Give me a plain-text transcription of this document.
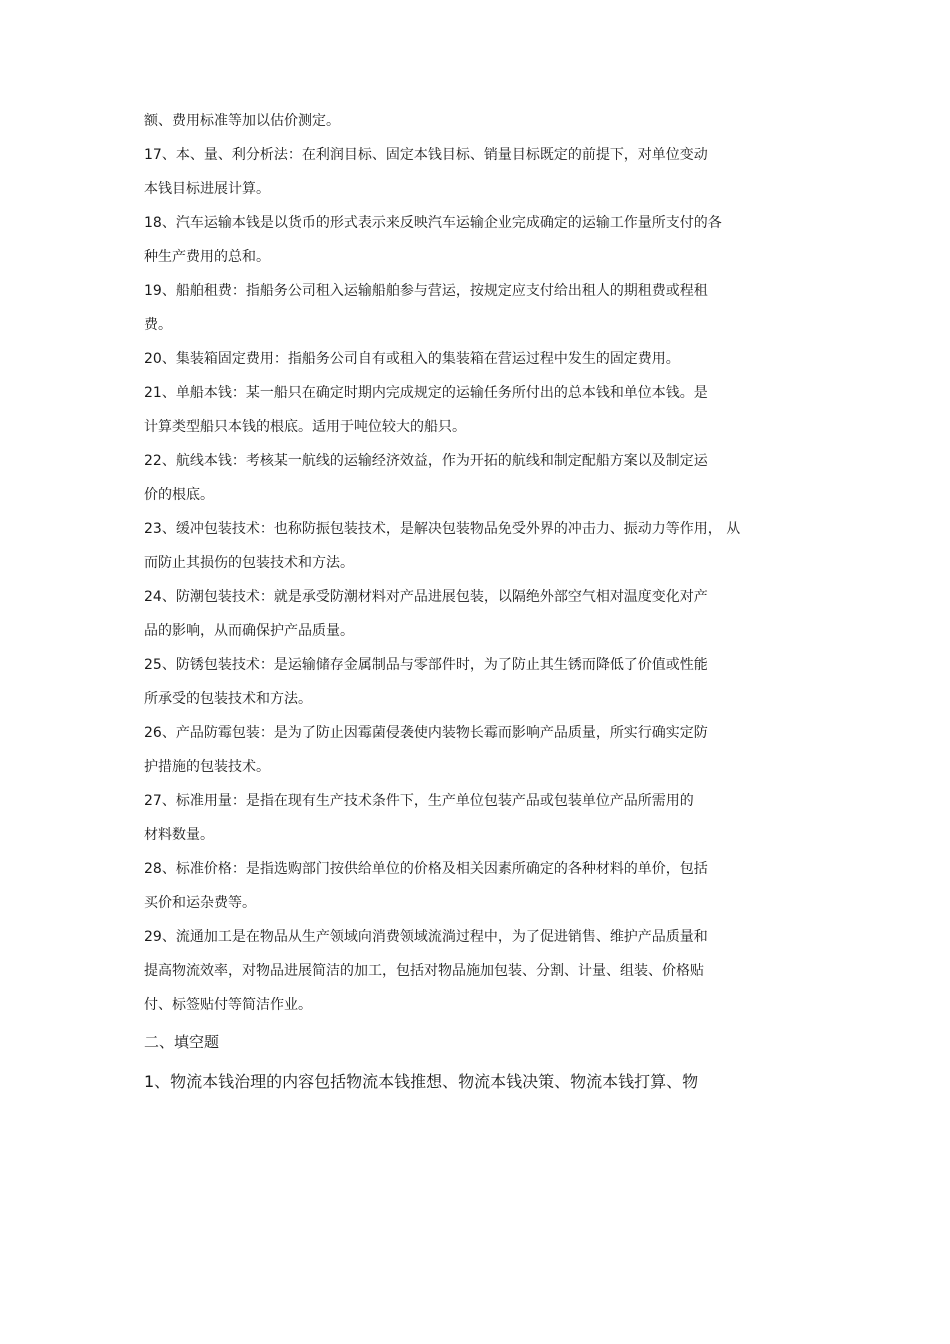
额、费用标准等加以估价测定。

17、本、量、利分析法：在利润目标、固定本钱目标、销量目标既定的前提下，对单位变动

本钱目标进展计算。

18、汽车运输本钱是以货币的形式表示来反映汽车运输企业完成确定的运输工作量所支付的各

种生产费用的总和。

19、船舶租费：指船务公司租入运输船舶参与营运，按规定应支付给出租人的期租费或程租

费。

20、集装箱固定费用：指船务公司自有或租入的集装箱在营运过程中发生的固定费用。

21、单船本钱：某一船只在确定时期内完成规定的运输任务所付出的总本钱和单位本钱。是

计算类型船只本钱的根底。适用于吨位较大的船只。

22、航线本钱：考核某一航线的运输经济效益，作为开拓的航线和制定配船方案以及制定运

价的根底。

23、缓冲包装技术：也称防振包装技术，是解决包装物品免受外界的冲击力、振动力等作用， 从

而防止其损伤的包装技术和方法。

24、防潮包装技术：就是承受防潮材料对产品进展包装，以隔绝外部空气相对温度变化对产

品的影响，从而确保护产品质量。

25、防锈包装技术：是运输储存金属制品与零部件时，为了防止其生锈而降低了价值或性能

所承受的包装技术和方法。

26、产品防霉包装：是为了防止因霉菌侵袭使内装物长霉而影响产品质量，所实行确实定防

护措施的包装技术。

27、标准用量：是指在现有生产技术条件下，生产单位包装产品或包装单位产品所需用的

材料数量。

28、标准价格：是指选购部门按供给单位的价格及相关因素所确定的各种材料的单价，包括

买价和运杂费等。

29、流通加工是在物品从生产领域向消费领域流淌过程中，为了促进销售、维护产品质量和

提高物流效率，对物品进展简洁的加工，包括对物品施加包装、分割、计量、组装、价格贴

付、标签贴付等简洁作业。

二、填空题

1、物流本钱治理的内容包括物流本钱推想、物流本钱决策、物流本钱打算、物
